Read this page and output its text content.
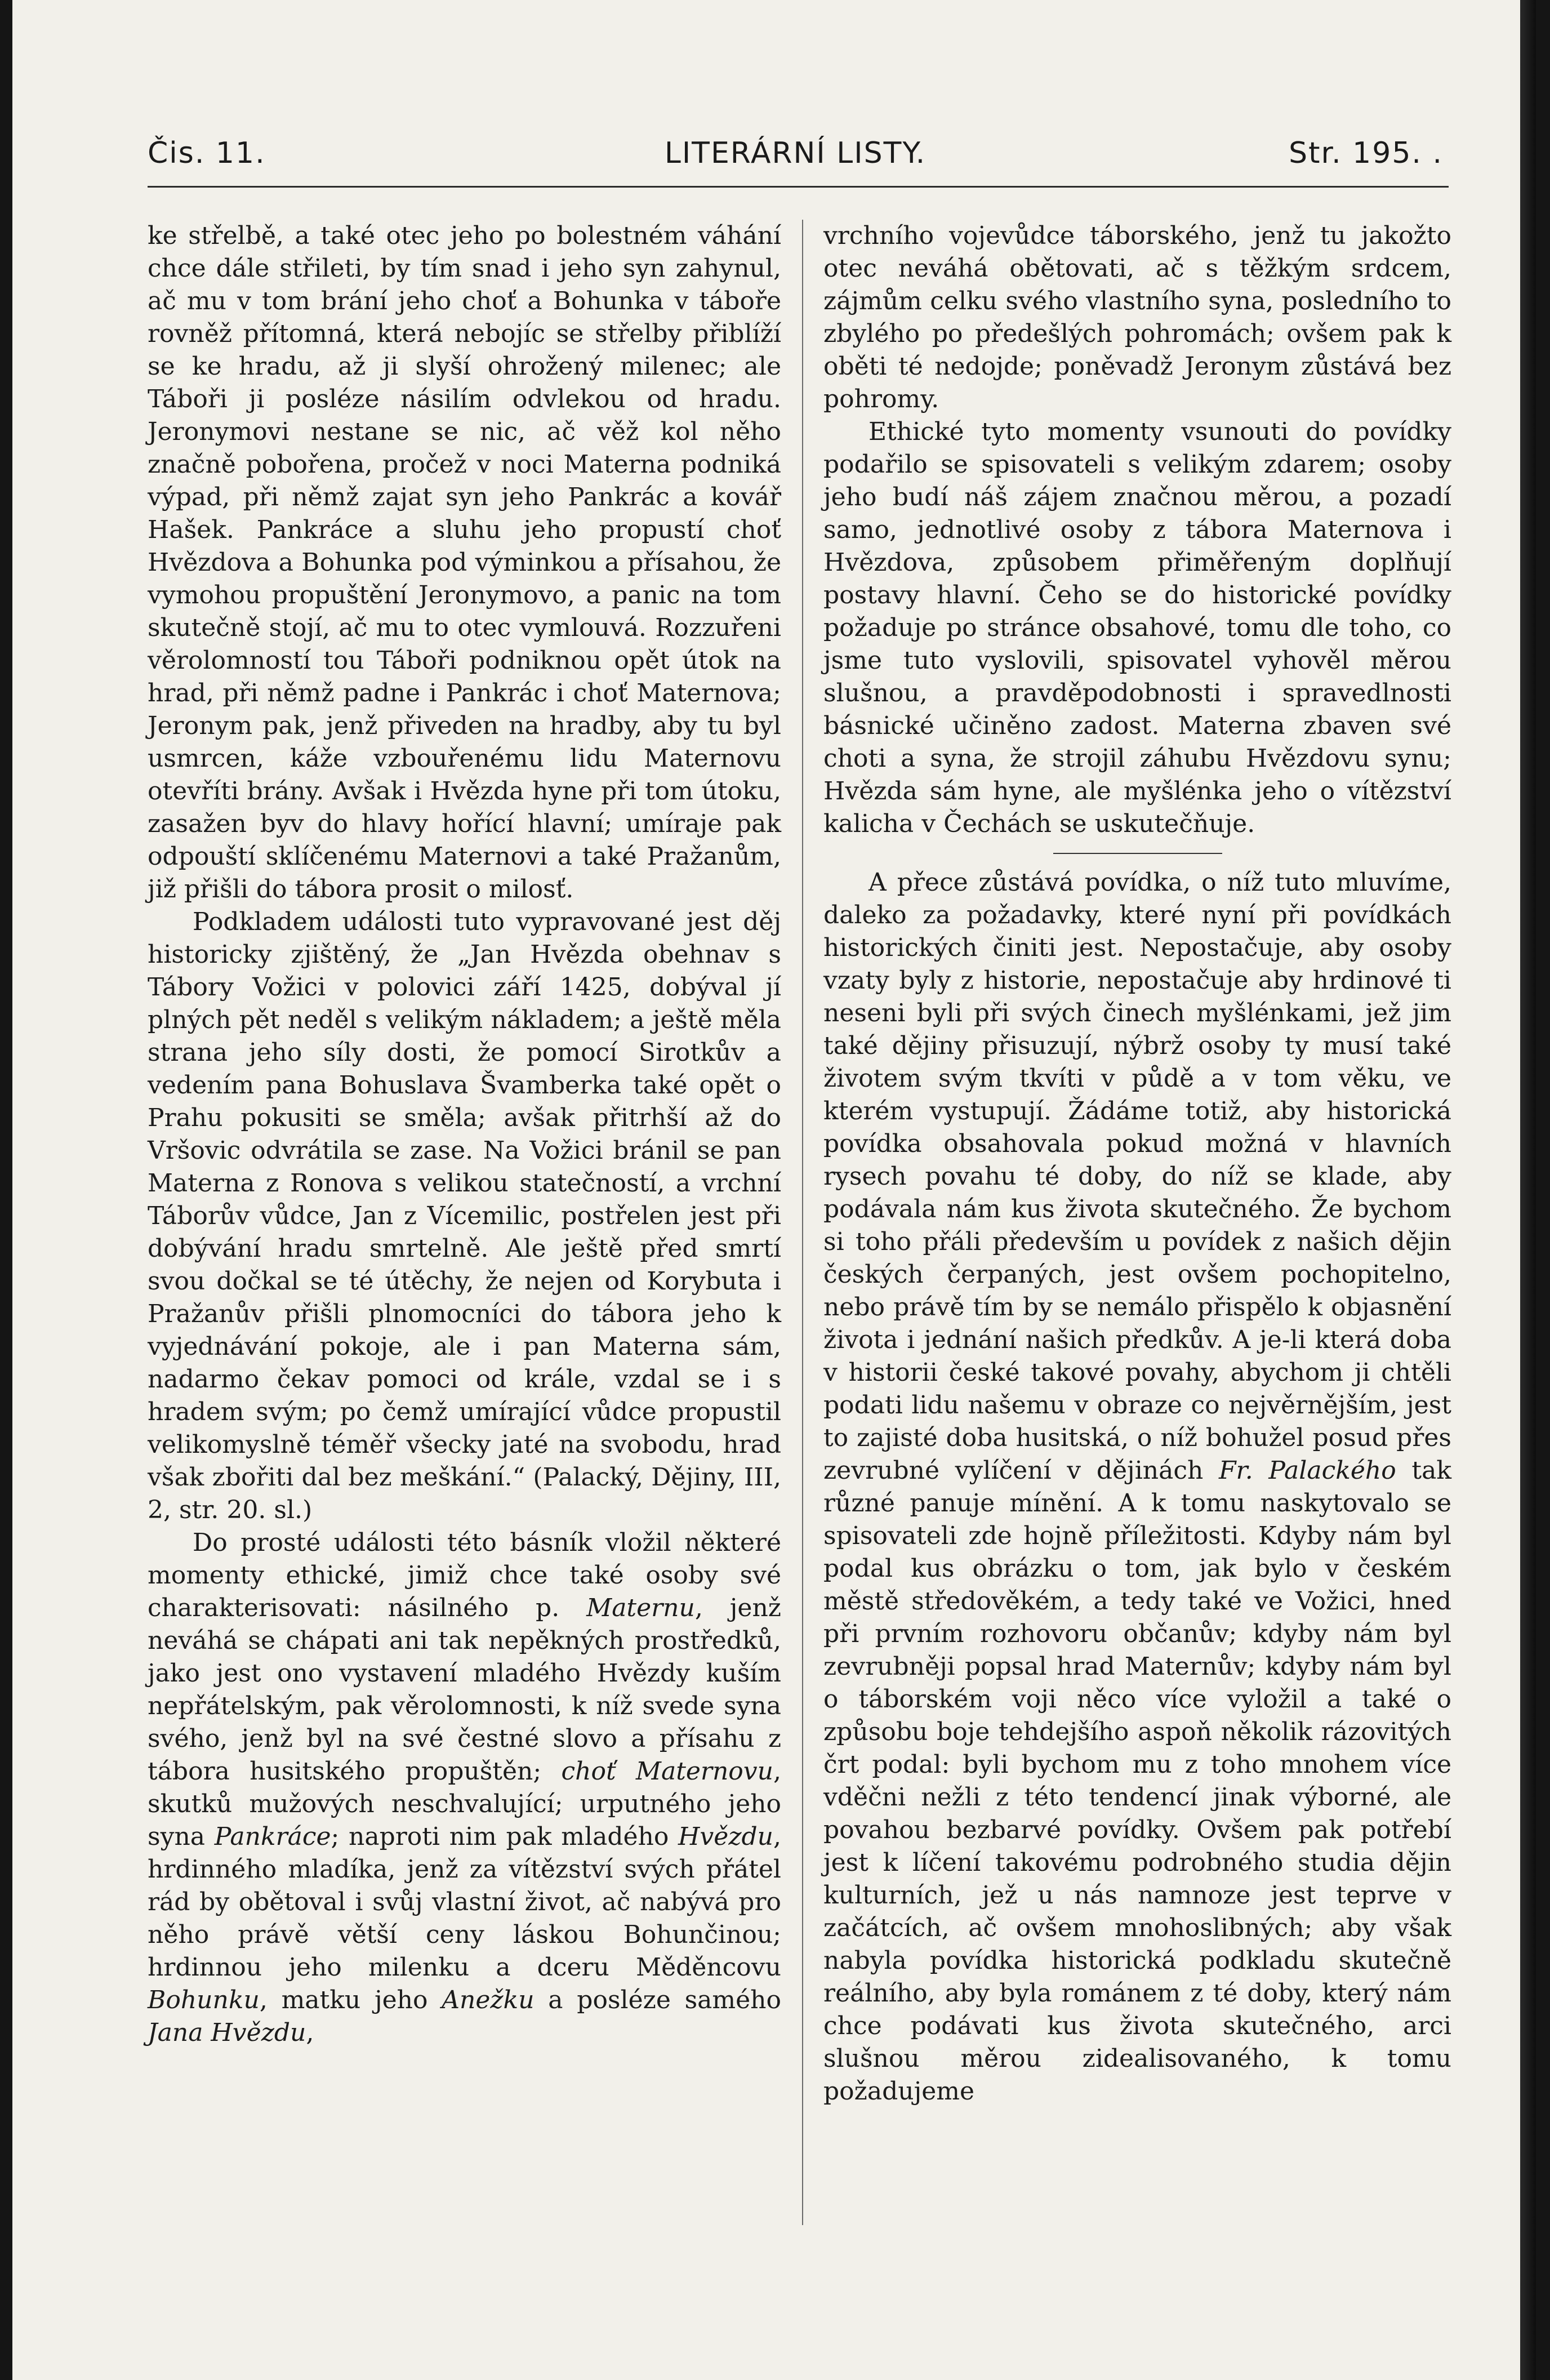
Čis. 11.	LITERÁRNÍ LISTY.	Str. 195. .

ke střelbě, a také otec jeho po bolestném váhání chce dále střileti, by tím snad i jeho syn zahynul, ač mu v tom brání jeho choť a Bohunka v táboře rovněž přítomná, která nebojíc se střelby přiblíží se ke hradu, až ji slyší ohrožený milenec; ale Táboři ji posléze násilím odvlekou od hradu. Jeronymovi nestane se nic, ač věž kol něho značně pobořena, pročež v noci Materna podniká výpad, při němž zajat syn jeho Pankrác a kovář Hašek. Pankráce a sluhu jeho propustí choť Hvězdova a Bohunka pod výminkou a přísahou, že vymohou propuštění Jeronymovo, a panic na tom skutečně stojí, ač mu to otec vymlouvá. Rozzuřeni věrolomností tou Táboři podniknou opět útok na hrad, při němž padne i Pankrác i choť Maternova; Jeronym pak, jenž přiveden na hradby, aby tu byl usmrcen, káže vzbouřenému lidu Maternovu otevříti brány. Avšak i Hvězda hyne při tom útoku, zasažen byv do hlavy hořící hlavní; umíraje pak odpouští sklíčenému Maternovi a také Pražanům, již přišli do tábora prosit o milosť.

Podkladem události tuto vypravované jest děj historicky zjištěný, že „Jan Hvězda obehnav s Tábory Vožici v polovici září 1425, dobýval jí plných pět neděl s velikým nákladem; a ještě měla strana jeho síly dosti, že pomocí Sirotkův a vedením pana Bohuslava Švamberka také opět o Prahu pokusiti se směla; avšak přitrhší až do Vršovic odvrátila se zase. Na Vožici bránil se pan Materna z Ronova s velikou statečností, a vrchní Táborův vůdce, Jan z Vícemilic, postřelen jest při dobývání hradu smrtelně. Ale ještě před smrtí svou dočkal se té útěchy, že nejen od Korybuta i Pražanův přišli plnomocníci do tábora jeho k vyjednávání pokoje, ale i pan Materna sám, nadarmo čekav pomoci od krále, vzdal se i s hradem svým; po čemž umírající vůdce propustil velikomyslně téměř všecky jaté na svobodu, hrad však zbořiti dal bez meškání.“ (Palacký, Dějiny, III, 2, str. 20. sl.)

Do prosté události této básník vložil některé momenty ethické, jimiž chce také osoby své charakterisovati: násilného p. Maternu, jenž neváhá se chápati ani tak nepěkných prostředků, jako jest ono vystavení mladého Hvězdy kuším nepřátelským, pak věrolomnosti, k níž svede syna svého, jenž byl na své čestné slovo a přísahu z tábora husitského propuštěn; choť Maternovu, skutků mužových neschvalující; urputného jeho syna Pankráce; naproti nim pak mladého Hvězdu, hrdinného mladíka, jenž za vítězství svých přátel rád by obětoval i svůj vlastní život, ač nabývá pro něho právě větší ceny láskou Bohunčinou; hrdinnou jeho milenku a dceru Měděncovu Bohunku, matku jeho Anežku a posléze samého Jana Hvězdu,

vrchního vojevůdce táborského, jenž tu jakožto otec neváhá obětovati, ač s těžkým srdcem, zájmům celku svého vlastního syna, posledního to zbylého po předešlých pohromách; ovšem pak k oběti té nedojde; poněvadž Jeronym zůstává bez pohromy.

Ethické tyto momenty vsunouti do povídky podařilo se spisovateli s velikým zdarem; osoby jeho budí náš zájem značnou měrou, a pozadí samo, jednotlivé osoby z tábora Maternova i Hvězdova, způsobem přiměřeným doplňují postavy hlavní. Čeho se do historické povídky požaduje po stránce obsahové, tomu dle toho, co jsme tuto vyslovili, spisovatel vyhověl měrou slušnou, a pravděpodobnosti i spravedlnosti básnické učiněno zadost. Materna zbaven své choti a syna, že strojil záhubu Hvězdovu synu; Hvězda sám hyne, ale myšlénka jeho o vítězství kalicha v Čechách se uskutečňuje.

A přece zůstává povídka, o níž tuto mluvíme, daleko za požadavky, které nyní při povídkách historických činiti jest. Nepostačuje, aby osoby vzaty byly z historie, nepostačuje aby hrdinové ti neseni byli při svých činech myšlénkami, jež jim také dějiny přisuzují, nýbrž osoby ty musí také životem svým tkvíti v půdě a v tom věku, ve kterém vystupují. Žádáme totiž, aby historická povídka obsahovala pokud možná v hlavních rysech povahu té doby, do níž se klade, aby podávala nám kus života skutečného. Že bychom si toho přáli především u povídek z našich dějin českých čerpaných, jest ovšem pochopitelno, nebo právě tím by se nemálo přispělo k objasnění života i jednání našich předkův. A je-li která doba v historii české takové povahy, abychom ji chtěli podati lidu našemu v obraze co nejvěrnějším, jest to zajisté doba husitská, o níž bohužel posud přes zevrubné vylíčení v dějinách Fr. Palackého tak různé panuje mínění. A k tomu naskytovalo se spisovateli zde hojně příležitosti. Kdyby nám byl podal kus obrázku o tom, jak bylo v českém městě středověkém, a tedy také ve Vožici, hned při prvním rozhovoru občanův; kdyby nám byl zevrubněji popsal hrad Maternův; kdyby nám byl o táborském voji něco více vyložil a také o způsobu boje tehdejšího aspoň několik rázovitých črt podal: byli bychom mu z toho mnohem více vděčni nežli z této tendencí jinak výborné, ale povahou bezbarvé povídky. Ovšem pak potřebí jest k líčení takovému podrobného studia dějin kulturních, jež u nás namnoze jest teprve v začátcích, ač ovšem mnohoslibných; aby však nabyla povídka historická podkladu skutečně reálního, aby byla románem z té doby, který nám chce podávati kus života skutečného, arci slušnou měrou zidealisovaného, k tomu požadujeme
